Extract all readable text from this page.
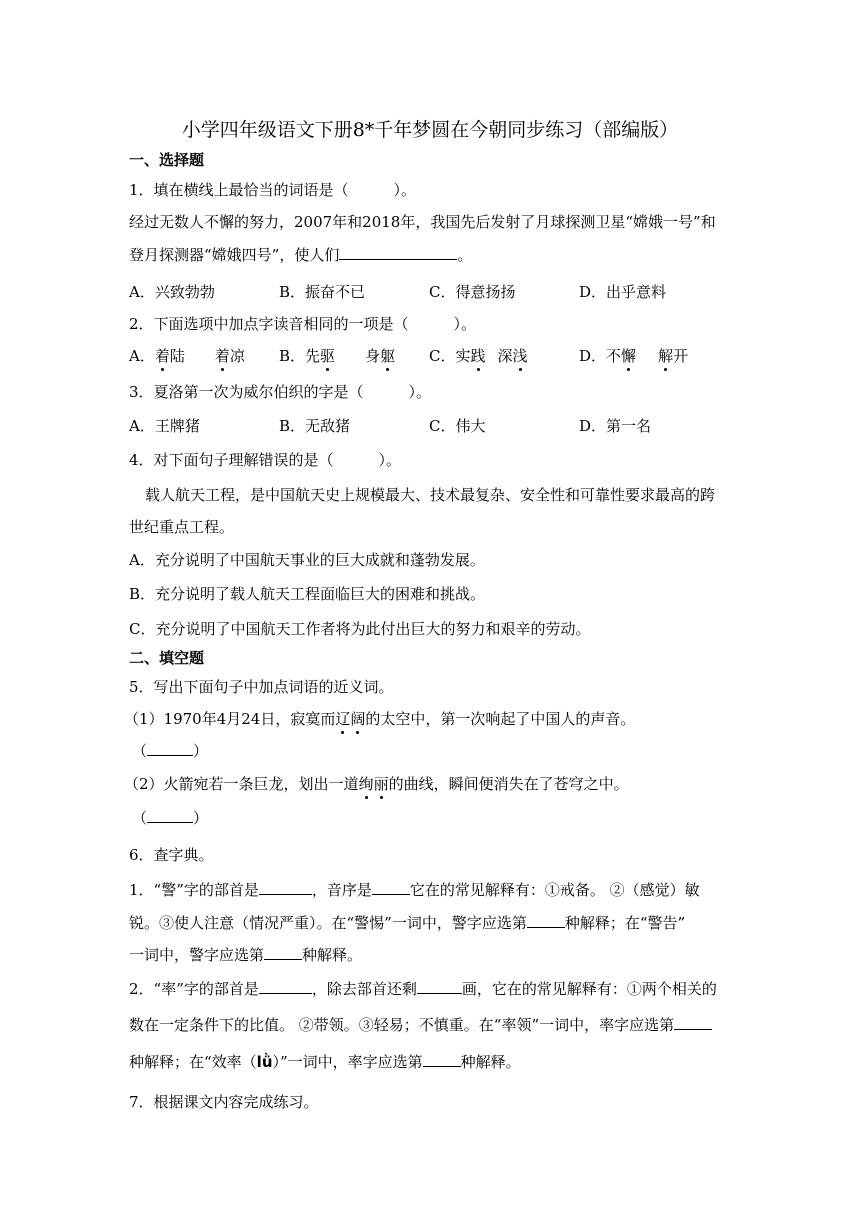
小学四年级语文下册8*千年梦圆在今朝同步练习（部编版）
一、选择题
1．填在横线上最恰当的词语是（　　　）。
经过无数人不懈的努力，2007年和2018年，我国先后发射了月球探测卫星“嫦娥一号”和
登月探测器“嫦娥四号”，使人们	。
A．兴致勃勃	B．振奋不已	C．得意扬扬	D．出乎意料
2．下面选项中加点字读音相同的一项是（　　　）。
A．着陆 着凉 B．先驱 身躯 C．实践 深浅	D．不懈 解开
3．夏洛第一次为威尔伯织的字是（　　　）。
A．王牌猪	B．无敌猪	C．伟大	D．第一名
4．对下面句子理解错误的是（　　　）。
载人航天工程，是中国航天史上规模最大、技术最复杂、安全性和可靠性要求最高的跨
世纪重点工程。
A．充分说明了中国航天事业的巨大成就和蓬勃发展。
B．充分说明了载人航天工程面临巨大的困难和挑战。
C．充分说明了中国航天工作者将为此付出巨大的努力和艰辛的劳动。
二、填空题
5．写出下面句子中加点词语的近义词。
（1）1970年4月24日，寂寞而辽阔的太空中，第一次响起了中国人的声音。
（	）
（2）火箭宛若一条巨龙，划出一道绚丽的曲线，瞬间便消失在了苍穹之中。
（	）
6．查字典。
1．“警”字的部首是	，音序是	它在的常见解释有：①戒备。 ②（感觉）敏
锐。③使人注意（情况严重）。在“警惕”一词中，警字应选第	种解释；在“警告”
一词中，警字应选第	种解释。
2．“率”字的部首是	，除去部首还剩	画，它在的常见解释有：①两个相关的
数在一定条件下的比值。 ②带领。③轻易；不慎重。在“率领”一词中，率字应选第
种解释；在“效率（lǜ）”一词中，率字应选第	种解释。
7．根据课文内容完成练习。
